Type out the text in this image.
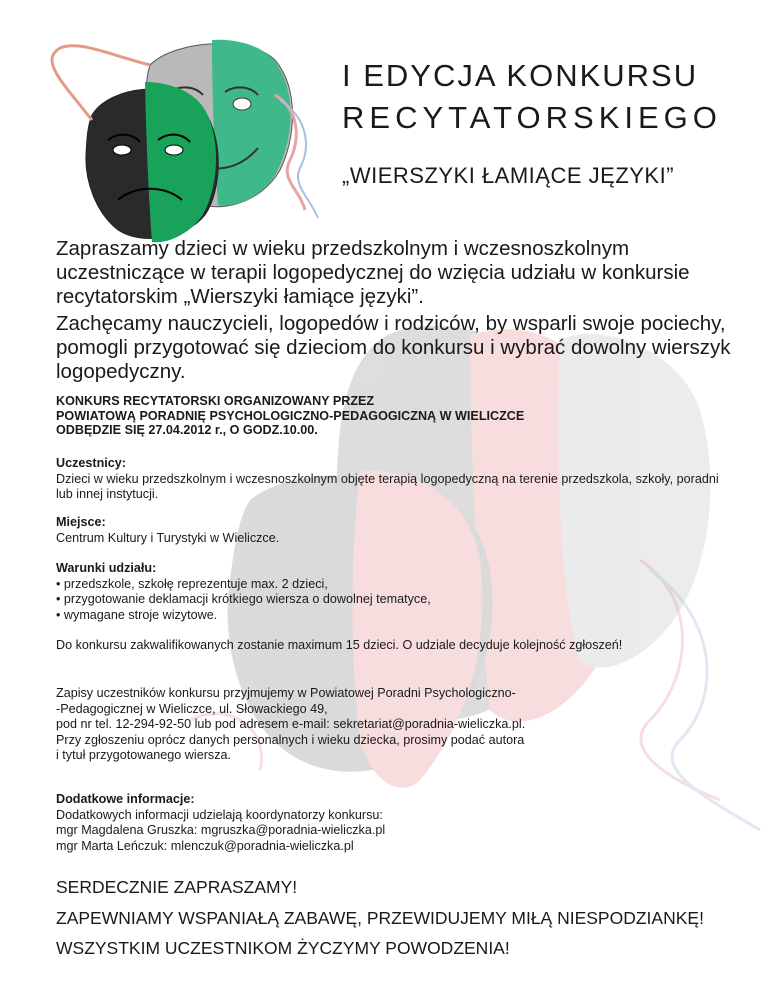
I EDYCJA KONKURSU
RECYTATORSKIEGO
„WIERSZYKI ŁAMIĄCE JĘZYKI”

Zapraszamy dzieci w wieku przedszkolnym i wczesnoszkolnym uczestniczące w terapii logopedycznej do wzięcia udziału w konkursie recytatorskim „Wierszyki łamiące języki”.

Zachęcamy nauczycieli, logopedów i rodziców, by wsparli swoje pociechy, pomogli przygotować się dzieciom do konkursu i wybrać dowolny wierszyk logopedyczny.

KONKURS RECYTATORSKI ORGANIZOWANY PRZEZ
POWIATOWĄ PORADNIĘ PSYCHOLOGICZNO-PEDAGOGICZNĄ W WIELICZCE
ODBĘDZIE SIĘ 27.04.2012 r., O GODZ.10.00.
Uczestnicy:
Dzieci w wieku przedszkolnym i wczesnoszkolnym objęte terapią logopedyczną na terenie przedszkola, szkoły, poradni lub innej instytucji.
Miejsce:
Centrum Kultury i Turystyki w Wieliczce.
Warunki udziału:
• przedszkole, szkołę reprezentuje max. 2 dzieci,
• przygotowanie deklamacji krótkiego wiersza o dowolnej tematyce,
• wymagane stroje wizytowe.
Do konkursu zakwalifikowanych zostanie maximum 15 dzieci. O udziale decyduje kolejność zgłoszeń!
Zapisy uczestników konkursu przyjmujemy w Powiatowej Poradni Psychologiczno-
-Pedagogicznej w Wieliczce, ul. Słowackiego 49,
pod nr tel. 12-294-92-50 lub pod adresem e-mail: sekretariat@poradnia-wieliczka.pl.
Przy zgłoszeniu oprócz danych personalnych i wieku dziecka, prosimy podać autora
i tytuł przygotowanego wiersza.
Dodatkowe informacje:
Dodatkowych informacji udzielają koordynatorzy konkursu:
mgr Magdalena Gruszka: mgruszka@poradnia-wieliczka.pl
mgr Marta Leńczuk: mlenczuk@poradnia-wieliczka.pl
SERDECZNIE ZAPRASZAMY!
ZAPEWNIAMY WSPANIAŁĄ ZABAWĘ, PRZEWIDUJEMY MIŁĄ NIESPODZIANKĘ!
WSZYSTKIM UCZESTNIKOM ŻYCZYMY POWODZENIA!
